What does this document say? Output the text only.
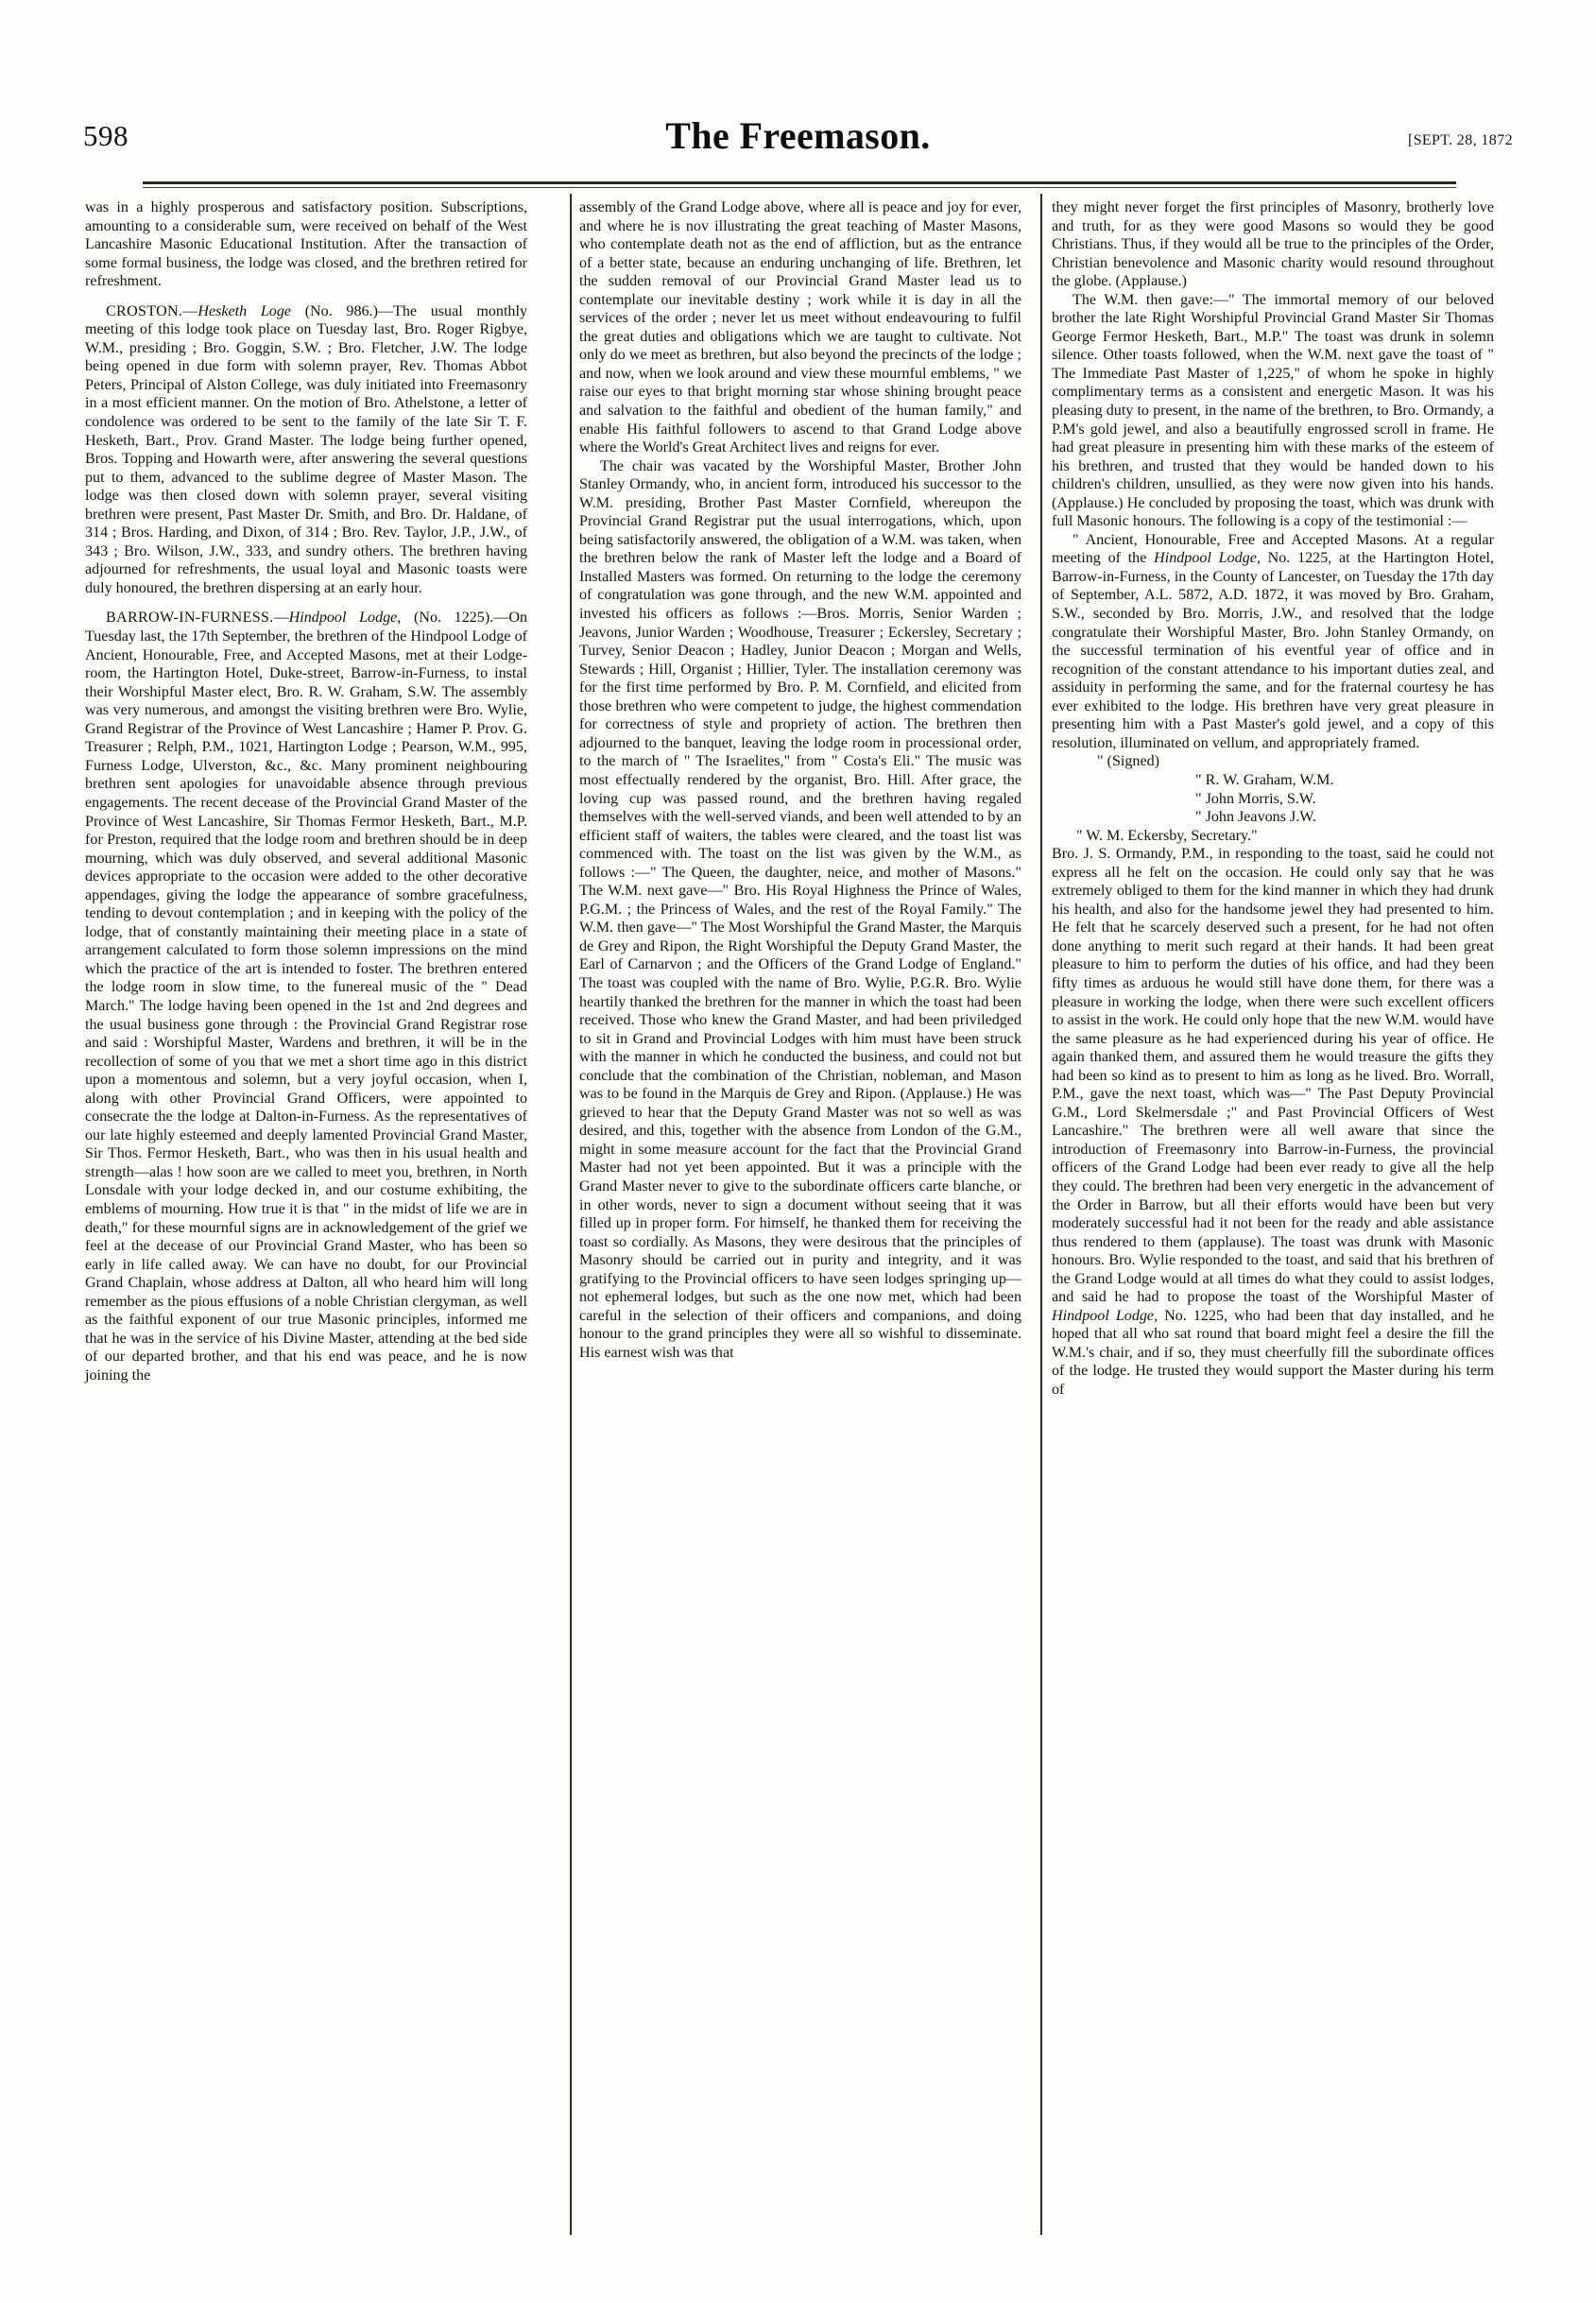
598	The Freemason.	[SEPT. 28, 1872

was in a highly prosperous and satisfactory position. Subscriptions, amounting to a considerable sum, were received on behalf of the West Lancashire Masonic Educational Institution. After the transaction of some formal business, the lodge was closed, and the brethren retired for refreshment.

CROSTON.—Hesketh Loge (No. 986.)—The usual monthly meeting of this lodge took place on Tuesday last, Bro. Roger Rigbye, W.M., presiding ; Bro. Goggin, S.W. ; Bro. Fletcher, J.W. The lodge being opened in due form with solemn prayer, Rev. Thomas Abbot Peters, Principal of Alston College, was duly initiated into Freemasonry in a most efficient manner. On the motion of Bro. Athelstone, a letter of condolence was ordered to be sent to the family of the late Sir T. F. Hesketh, Bart., Prov. Grand Master. The lodge being further opened, Bros. Topping and Howarth were, after answering the several questions put to them, advanced to the sublime degree of Master Mason. The lodge was then closed down with solemn prayer, several visiting brethren were present, Past Master Dr. Smith, and Bro. Dr. Haldane, of 314 ; Bros. Harding, and Dixon, of 314 ; Bro. Rev. Taylor, J.P., J.W., of 343 ; Bro. Wilson, J.W., 333, and sundry others. The brethren having adjourned for refreshments, the usual loyal and Masonic toasts were duly honoured, the brethren dispersing at an early hour.

BARROW-IN-FURNESS.—Hindpool Lodge, (No. 1225).—On Tuesday last, the 17th September, the brethren of the Hindpool Lodge of Ancient, Honourable, Free, and Accepted Masons, met at their Lodge-room, the Hartington Hotel, Duke-street, Barrow-in-Furness, to instal their Worshipful Master elect, Bro. R. W. Graham, S.W. The assembly was very numerous, and amongst the visiting brethren were Bro. Wylie, Grand Registrar of the Province of West Lancashire ; Hamer P. Prov. G. Treasurer ; Relph, P.M., 1021, Hartington Lodge ; Pearson, W.M., 995, Furness Lodge, Ulverston, &c., &c. Many prominent neighbouring brethren sent apologies for unavoidable absence through previous engagements. The recent decease of the Provincial Grand Master of the Province of West Lancashire, Sir Thomas Fermor Hesketh, Bart., M.P. for Preston, required that the lodge room and brethren should be in deep mourning, which was duly observed, and several additional Masonic devices appropriate to the occasion were added to the other decorative appendages, giving the lodge the appearance of sombre gracefulness, tending to devout contemplation ; and in keeping with the policy of the lodge, that of constantly maintaining their meeting place in a state of arrangement calculated to form those solemn impressions on the mind which the practice of the art is intended to foster. The brethren entered the lodge room in slow time, to the funereal music of the " Dead March." The lodge having been opened in the 1st and 2nd degrees and the usual business gone through : the Provincial Grand Registrar rose and said : Worshipful Master, Wardens and brethren, it will be in the recollection of some of you that we met a short time ago in this district upon a momentous and solemn, but a very joyful occasion, when I, along with other Provincial Grand Officers, were appointed to consecrate the the lodge at Dalton-in-Furness. As the representatives of our late highly esteemed and deeply lamented Provincial Grand Master, Sir Thos. Fermor Hesketh, Bart., who was then in his usual health and strength—alas ! how soon are we called to meet you, brethren, in North Lonsdale with your lodge decked in, and our costume exhibiting, the emblems of mourning. How true it is that " in the midst of life we are in death," for these mournful signs are in acknowledgement of the grief we feel at the decease of our Provincial Grand Master, who has been so early in life called away. We can have no doubt, for our Provincial Grand Chaplain, whose address at Dalton, all who heard him will long remember as the pious effusions of a noble Christian clergyman, as well as the faithful exponent of our true Masonic principles, informed me that he was in the service of his Divine Master, attending at the bed side of our departed brother, and that his end was peace, and he is now joining the

assembly of the Grand Lodge above, where all is peace and joy for ever, and where he is nov illustrating the great teaching of Master Masons, who contemplate death not as the end of affliction, but as the entrance of a better state, because an enduring unchanging of life. Brethren, let the sudden removal of our Provincial Grand Master lead us to contemplate our inevitable destiny ; work while it is day in all the services of the order ; never let us meet without endeavouring to fulfil the great duties and obligations which we are taught to cultivate. Not only do we meet as brethren, but also beyond the precincts of the lodge ; and now, when we look around and view these mournful emblems, " we raise our eyes to that bright morning star whose shining brought peace and salvation to the faithful and obedient of the human family," and enable His faithful followers to ascend to that Grand Lodge above where the World's Great Architect lives and reigns for ever.

The chair was vacated by the Worshipful Master, Brother John Stanley Ormandy, who, in ancient form, introduced his successor to the W.M. presiding, Brother Past Master Cornfield, whereupon the Provincial Grand Registrar put the usual interrogations, which, upon being satisfactorily answered, the obligation of a W.M. was taken, when the brethren below the rank of Master left the lodge and a Board of Installed Masters was formed. On returning to the lodge the ceremony of congratulation was gone through, and the new W.M. appointed and invested his officers as follows :—Bros. Morris, Senior Warden ; Jeavons, Junior Warden ; Woodhouse, Treasurer ; Eckersley, Secretary ; Turvey, Senior Deacon ; Hadley, Junior Deacon ; Morgan and Wells, Stewards ; Hill, Organist ; Hillier, Tyler. The installation ceremony was for the first time performed by Bro. P. M. Cornfield, and elicited from those brethren who were competent to judge, the highest commendation for correctness of style and propriety of action. The brethren then adjourned to the banquet, leaving the lodge room in processional order, to the march of " The Israelites," from " Costa's Eli." The music was most effectually rendered by the organist, Bro. Hill. After grace, the loving cup was passed round, and the brethren having regaled themselves with the well-served viands, and been well attended to by an efficient staff of waiters, the tables were cleared, and the toast list was commenced with. The toast on the list was given by the W.M., as follows :—" The Queen, the daughter, neice, and mother of Masons." The W.M. next gave—" Bro. His Royal Highness the Prince of Wales, P.G.M. ; the Princess of Wales, and the rest of the Royal Family." The W.M. then gave—" The Most Worshipful the Grand Master, the Marquis de Grey and Ripon, the Right Worshipful the Deputy Grand Master, the Earl of Carnarvon ; and the Officers of the Grand Lodge of England." The toast was coupled with the name of Bro. Wylie, P.G.R. Bro. Wylie heartily thanked the brethren for the manner in which the toast had been received. Those who knew the Grand Master, and had been priviledged to sit in Grand and Provincial Lodges with him must have been struck with the manner in which he conducted the business, and could not but conclude that the combination of the Christian, nobleman, and Mason was to be found in the Marquis de Grey and Ripon. (Applause.) He was grieved to hear that the Deputy Grand Master was not so well as was desired, and this, together with the absence from London of the G.M., might in some measure account for the fact that the Provincial Grand Master had not yet been appointed. But it was a principle with the Grand Master never to give to the subordinate officers carte blanche, or in other words, never to sign a document without seeing that it was filled up in proper form. For himself, he thanked them for receiving the toast so cordially. As Masons, they were desirous that the principles of Masonry should be carried out in purity and integrity, and it was gratifying to the Provincial officers to have seen lodges springing up—not ephemeral lodges, but such as the one now met, which had been careful in the selection of their officers and companions, and doing honour to the grand principles they were all so wishful to disseminate. His earnest wish was that

they might never forget the first principles of Masonry, brotherly love and truth, for as they were good Masons so would they be good Christians. Thus, if they would all be true to the principles of the Order, Christian benevolence and Masonic charity would resound throughout the globe. (Applause.)

The W.M. then gave:—" The immortal memory of our beloved brother the late Right Worshipful Provincial Grand Master Sir Thomas George Fermor Hesketh, Bart., M.P." The toast was drunk in solemn silence. Other toasts followed, when the W.M. next gave the toast of " The Immediate Past Master of 1,225," of whom he spoke in highly complimentary terms as a consistent and energetic Mason. It was his pleasing duty to present, in the name of the brethren, to Bro. Ormandy, a P.M's gold jewel, and also a beautifully engrossed scroll in frame. He had great pleasure in presenting him with these marks of the esteem of his brethren, and trusted that they would be handed down to his children's children, unsullied, as they were now given into his hands. (Applause.) He concluded by proposing the toast, which was drunk with full Masonic honours. The following is a copy of the testimonial :—

" Ancient, Honourable, Free and Accepted Masons. At a regular meeting of the Hindpool Lodge, No. 1225, at the Hartington Hotel, Barrow-in-Furness, in the County of Lancester, on Tuesday the 17th day of September, A.L. 5872, A.D. 1872, it was moved by Bro. Graham, S.W., seconded by Bro. Morris, J.W., and resolved that the lodge congratulate their Worshipful Master, Bro. John Stanley Ormandy, on the successful termination of his eventful year of office and in recognition of the constant attendance to his important duties zeal, and assiduity in performing the same, and for the fraternal courtesy he has ever exhibited to the lodge. His brethren have very great pleasure in presenting him with a Past Master's gold jewel, and a copy of this resolution, illuminated on vellum, and appropriately framed.

" (Signed)
" R. W. Graham, W.M.
" John Morris, S.W.
" John Jeavons J.W.
" W. M. Eckersby, Secretary."

Bro. J. S. Ormandy, P.M., in responding to the toast, said he could not express all he felt on the occasion. He could only say that he was extremely obliged to them for the kind manner in which they had drunk his health, and also for the handsome jewel they had presented to him. He felt that he scarcely deserved such a present, for he had not often done anything to merit such regard at their hands. It had been great pleasure to him to perform the duties of his office, and had they been fifty times as arduous he would still have done them, for there was a pleasure in working the lodge, when there were such excellent officers to assist in the work. He could only hope that the new W.M. would have the same pleasure as he had experienced during his year of office. He again thanked them, and assured them he would treasure the gifts they had been so kind as to present to him as long as he lived. Bro. Worrall, P.M., gave the next toast, which was—" The Past Deputy Provincial G.M., Lord Skelmersdale ;" and Past Provincial Officers of West Lancashire." The brethren were all well aware that since the introduction of Freemasonry into Barrow-in-Furness, the provincial officers of the Grand Lodge had been ever ready to give all the help they could. The brethren had been very energetic in the advancement of the Order in Barrow, but all their efforts would have been but very moderately successful had it not been for the ready and able assistance thus rendered to them (applause). The toast was drunk with Masonic honours. Bro. Wylie responded to the toast, and said that his brethren of the Grand Lodge would at all times do what they could to assist lodges, and said he had to propose the toast of the Worshipful Master of Hindpool Lodge, No. 1225, who had been that day installed, and he hoped that all who sat round that board might feel a desire the fill the W.M.'s chair, and if so, they must cheerfully fill the subordinate offices of the lodge. He trusted they would support the Master during his term of
